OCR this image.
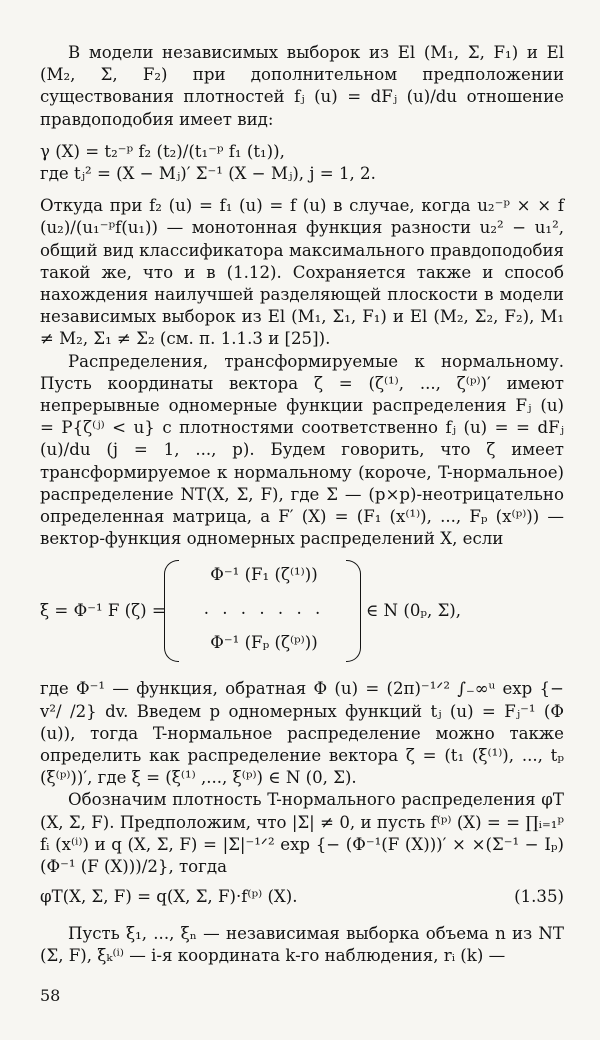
В модели независимых выборок из El (M₁, Σ, F₁) и El (M₂, Σ, F₂) при дополнительном предположении существования плотностей fⱼ (u) = dFⱼ (u)/du отношение правдоподобия имеет вид:

γ (X) = t₂⁻ᵖ f₂ (t₂)/(t₁⁻ᵖ f₁ (t₁)),

где tⱼ² = (X − Mⱼ)′ Σ⁻¹ (X − Mⱼ), j = 1, 2.

Откуда при f₂ (u) = f₁ (u) = f (u) в случае, когда u₂⁻ᵖ × × f (u₂)/(u₁⁻ᵖf(u₁)) — монотонная функция разности u₂² − u₁², общий вид классификатора максимального правдоподобия такой же, что и в (1.12). Сохраняется также и способ нахождения наилучшей разделяющей плоскости в модели независимых выборок из El (M₁, Σ₁, F₁) и El (M₂, Σ₂, F₂), M₁ ≠ M₂, Σ₁ ≠ Σ₂ (см. п. 1.1.3 и [25]).

Распределения, трансформируемые к нормальному. Пусть координаты вектора ζ = (ζ⁽¹⁾, ..., ζ⁽ᵖ⁾)′ имеют непрерывные одномерные функции распределения Fⱼ (u) = P{ζ⁽ʲ⁾ < u} с плотностями соответственно fⱼ (u) = = dFⱼ (u)/du (j = 1, ..., p). Будем говорить, что ζ имеет трансформируемое к нормальному (короче, T-нормальное) распределение NT(X, Σ, F), где Σ — (p×p)-неотрицательно определенная матрица, а F′ (X) = (F₁ (x⁽¹⁾), ..., Fₚ (x⁽ᵖ⁾)) — вектор-функция одномерных распределений X, если

ξ = Φ⁻¹ F (ζ) =
Φ⁻¹ (F₁ (ζ⁽¹⁾))
. . . . . . .
Φ⁻¹ (Fₚ (ζ⁽ᵖ⁾))
∈ N (0ₚ, Σ),

где Φ⁻¹ — функция, обратная Φ (u) = (2π)⁻¹ᐟ² ∫₋∞ᵘ exp {− v²/ /2} dv. Введем p одномерных функций tⱼ (u) = Fⱼ⁻¹ (Φ (u)), тогда T-нормальное распределение можно также определить как распределение вектора ζ = (t₁ (ξ⁽¹⁾), ..., tₚ (ξ⁽ᵖ⁾))′, где ξ = (ξ⁽¹⁾ ,..., ξ⁽ᵖ⁾) ∈ N (0, Σ).

Обозначим плотность T-нормального распределения φT (X, Σ, F). Предположим, что |Σ| ≠ 0, и пусть f⁽ᵖ⁾ (X) = = ∏ᵢ₌₁ᵖ fᵢ (x⁽ⁱ⁾) и q (X, Σ, F) = |Σ|⁻¹ᐟ² exp {− (Φ⁻¹(F (X)))′ × ×(Σ⁻¹ − Iₚ) (Φ⁻¹ (F (X)))/2}, тогда

φT(X, Σ, F) = q(X, Σ, F)·f⁽ᵖ⁾ (X).	(1.35)

Пусть ξ₁, ..., ξₙ — независимая выборка объема n из NT (Σ, F), ξₖ⁽ⁱ⁾ — i-я координата k-го наблюдения, rᵢ (k) —

58
